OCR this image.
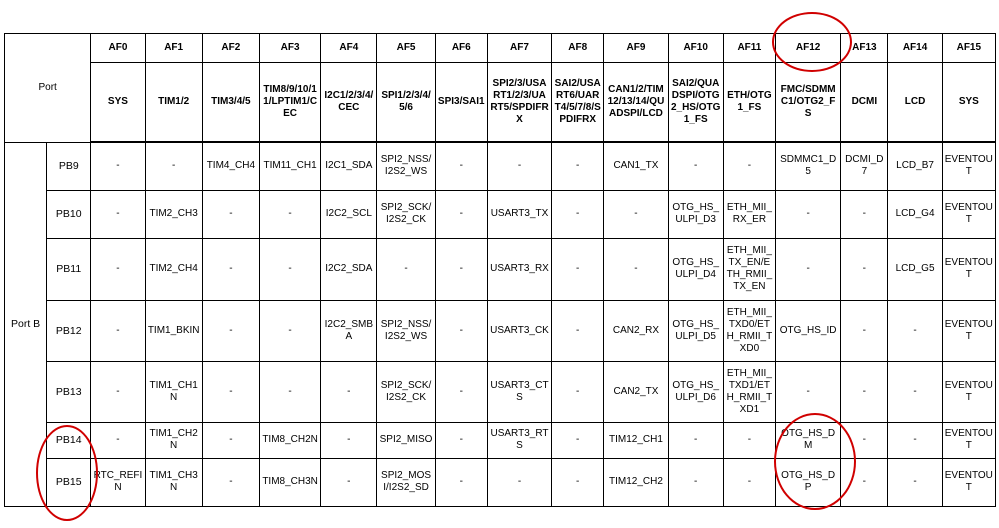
Port		AF0	AF1	AF2	AF3	AF4	AF5	AF6	AF7	AF8	AF9	AF10	AF11	AF12	AF13	AF14	AF15
		SYS	TIM1/2	TIM3/4/5	TIM8/9/10/11/LPTIM1/CEC	I2C1/2/3/4/CEC	SPI1/2/3/4/5/6	SPI3/SAI1	SPI2/3/USART1/2/3/UART5/SPDIFRX	SAI2/USART6/UART4/5/7/8/SPDIFRX	CAN1/2/TIM12/13/14/QUADSPI/LCD	SAI2/QUADSPI/OTG2_HS/OTG1_FS	ETH/OTG1_FS	FMC/SDMMC1/OTG2_FS	DCMI	LCD	SYS
Port B	PB9	-	-	TIM4_CH4	TIM11_CH1	I2C1_SDA	SPI2_NSS/I2S2_WS	-	-	-	CAN1_TX	-	-	SDMMC1_D5	DCMI_D7	LCD_B7	EVENTOUT
	PB10	-	TIM2_CH3	-	-	I2C2_SCL	SPI2_SCK/I2S2_CK	-	USART3_TX	-	-	OTG_HS_ULPI_D3	ETH_MII_RX_ER	-	-	LCD_G4	EVENTOUT
	PB11	-	TIM2_CH4	-	-	I2C2_SDA	-	-	USART3_RX	-	-	OTG_HS_ULPI_D4	ETH_MII_TX_EN/ETH_RMII_TX_EN	-	-	LCD_G5	EVENTOUT
	PB12	-	TIM1_BKIN	-	-	I2C2_SMBA	SPI2_NSS/I2S2_WS	-	USART3_CK	-	CAN2_RX	OTG_HS_ULPI_D5	ETH_MII_TXD0/ETH_RMII_TXD0	OTG_HS_ID	-	-	EVENTOUT
	PB13	-	TIM1_CH1N	-	-	-	SPI2_SCK/I2S2_CK	-	USART3_CTS	-	CAN2_TX	OTG_HS_ULPI_D6	ETH_MII_TXD1/ETH_RMII_TXD1	-	-	-	EVENTOUT
	PB14	-	TIM1_CH2N	-	TIM8_CH2N	-	SPI2_MISO	-	USART3_RTS	-	TIM12_CH1	-	-	OTG_HS_DM	-	-	EVENTOUT
	PB15	RTC_REFIN	TIM1_CH3N	-	TIM8_CH3N	-	SPI2_MOSI/I2S2_SD	-	-	-	TIM12_CH2	-	-	OTG_HS_DP	-	-	EVENTOUT
